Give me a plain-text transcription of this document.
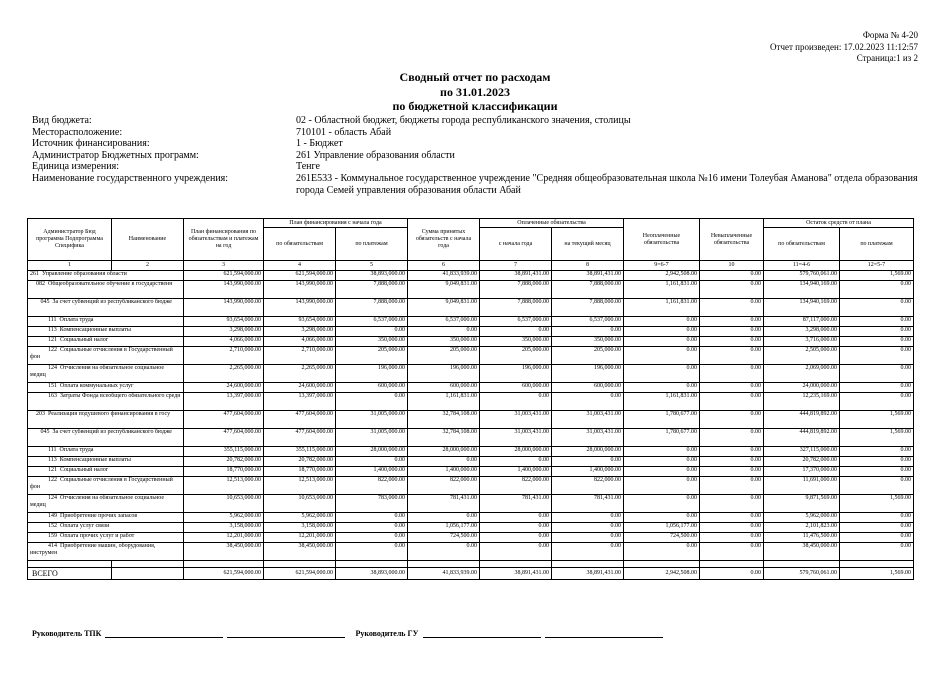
Форма № 4-20
Отчет произведен: 17.02.2023 11:12:57
Страница:1 из 2
Сводный отчет по расходам
по 31.01.2023
по бюджетной классификации
Вид бюджета:	02 - Областной бюджет, бюджеты города республиканского значения, столицы
Месторасположение:	710101 - область Абай
Источник финансирования:	1 - Бюджет
Администратор Бюджетных программ:	261 Управление образования области
Единица измерения:	Тенге
Наименование государственного учреждения:	261Е533 - Коммунальное государственное учреждение "Средняя общеобразовательная школа №16 имени Толеубая Аманова" отдела образования города Семей управления образования области Абай
Администратор Бюд программа Подпрограмма Специфика	Наименование	План финансирования по обязательствам и платежам на год	План финансирования с начала года		Сумма принятых обязательств с начала года	Оплаченные обязательства		Неоплаченные обязательства	Невыплаченные обязательства	Остаток средств от плана	
			по обязательствам	по платежам		с начала года	на текущий месяц			по обязательствам	по платежам
1	2	3	4	5	6	7	8	9=6-7	10	11=4-6	12=5-7
261  Управление образования области		621,594,000.00	621,594,000.00	38,893,000.00	41,833,939.00	38,891,431.00	38,891,431.00	2,942,508.00	0.00	579,760,061.00	1,569.00
082  Общеобразовательное обучение в государственн		143,990,000.00	143,990,000.00	7,888,000.00	9,049,831.00	7,888,000.00	7,888,000.00	1,161,831.00	0.00	134,940,169.00	0.00
045  За счет субвенций из республиканского бюдже		143,990,000.00	143,990,000.00	7,888,000.00	9,049,831.00	7,888,000.00	7,888,000.00	1,161,831.00	0.00	134,940,169.00	0.00
111  Оплата труда		93,654,000.00	93,654,000.00	6,537,000.00	6,537,000.00	6,537,000.00	6,537,000.00	0.00	0.00	87,117,000.00	0.00
113  Компенсационные выплаты		3,298,000.00	3,298,000.00	0.00	0.00	0.00	0.00	0.00	0.00	3,298,000.00	0.00
121  Социальный налог		4,066,000.00	4,066,000.00	350,000.00	350,000.00	350,000.00	350,000.00	0.00	0.00	3,716,000.00	0.00
122  Социальные отчисления в Государственный фон		2,710,000.00	2,710,000.00	205,000.00	205,000.00	205,000.00	205,000.00	0.00	0.00	2,505,000.00	0.00
124  Отчисления на обязательное социальное медиц		2,265,000.00	2,265,000.00	196,000.00	196,000.00	196,000.00	196,000.00	0.00	0.00	2,069,000.00	0.00
151  Оплата коммунальных услуг		24,600,000.00	24,600,000.00	600,000.00	600,000.00	600,000.00	600,000.00	0.00	0.00	24,000,000.00	0.00
163  Затраты Фонда всеобщего обязательного средн		13,397,000.00	13,397,000.00	0.00	1,161,831.00	0.00	0.00	1,161,831.00	0.00	12,235,169.00	0.00
203  Реализация подушевого финансирования в госу		477,604,000.00	477,604,000.00	31,005,000.00	32,784,108.00	31,003,431.00	31,003,431.00	1,780,677.00	0.00	444,819,892.00	1,569.00
045  За счет субвенций из республиканского бюдже		477,604,000.00	477,604,000.00	31,005,000.00	32,784,108.00	31,003,431.00	31,003,431.00	1,780,677.00	0.00	444,819,892.00	1,569.00
111  Оплата труда		355,115,000.00	355,115,000.00	28,000,000.00	28,000,000.00	28,000,000.00	28,000,000.00	0.00	0.00	327,115,000.00	0.00
113  Компенсационные выплаты		20,782,000.00	20,782,000.00	0.00	0.00	0.00	0.00	0.00	0.00	20,782,000.00	0.00
121  Социальный налог		18,770,000.00	18,770,000.00	1,400,000.00	1,400,000.00	1,400,000.00	1,400,000.00	0.00	0.00	17,370,000.00	0.00
122  Социальные отчисления в Государственный фон		12,513,000.00	12,513,000.00	822,000.00	822,000.00	822,000.00	822,000.00	0.00	0.00	11,691,000.00	0.00
124  Отчисления на обязательное социальное медиц		10,653,000.00	10,653,000.00	783,000.00	781,431.00	781,431.00	781,431.00	0.00	0.00	9,871,569.00	1,569.00
149  Приобретение прочих запасов		5,962,000.00	5,962,000.00	0.00	0.00	0.00	0.00	0.00	0.00	5,962,000.00	0.00
152  Оплата услуг связи		3,158,000.00	3,158,000.00	0.00	1,056,177.00	0.00	0.00	1,056,177.00	0.00	2,101,823.00	0.00
159  Оплата прочих услуг и работ		12,201,000.00	12,201,000.00	0.00	724,500.00	0.00	0.00	724,500.00	0.00	11,476,500.00	0.00
414  Приобретение машин, оборудования, инструмен		38,450,000.00	38,450,000.00	0.00	0.00	0.00	0.00	0.00	0.00	38,450,000.00	0.00

ВСЕГО		621,594,000.00	621,594,000.00	38,893,000.00	41,833,939.00	38,891,431.00	38,891,431.00	2,942,508.00	0.00	579,760,061.00	1,569.00
Руководитель ТПК	Руководитель ГУ
